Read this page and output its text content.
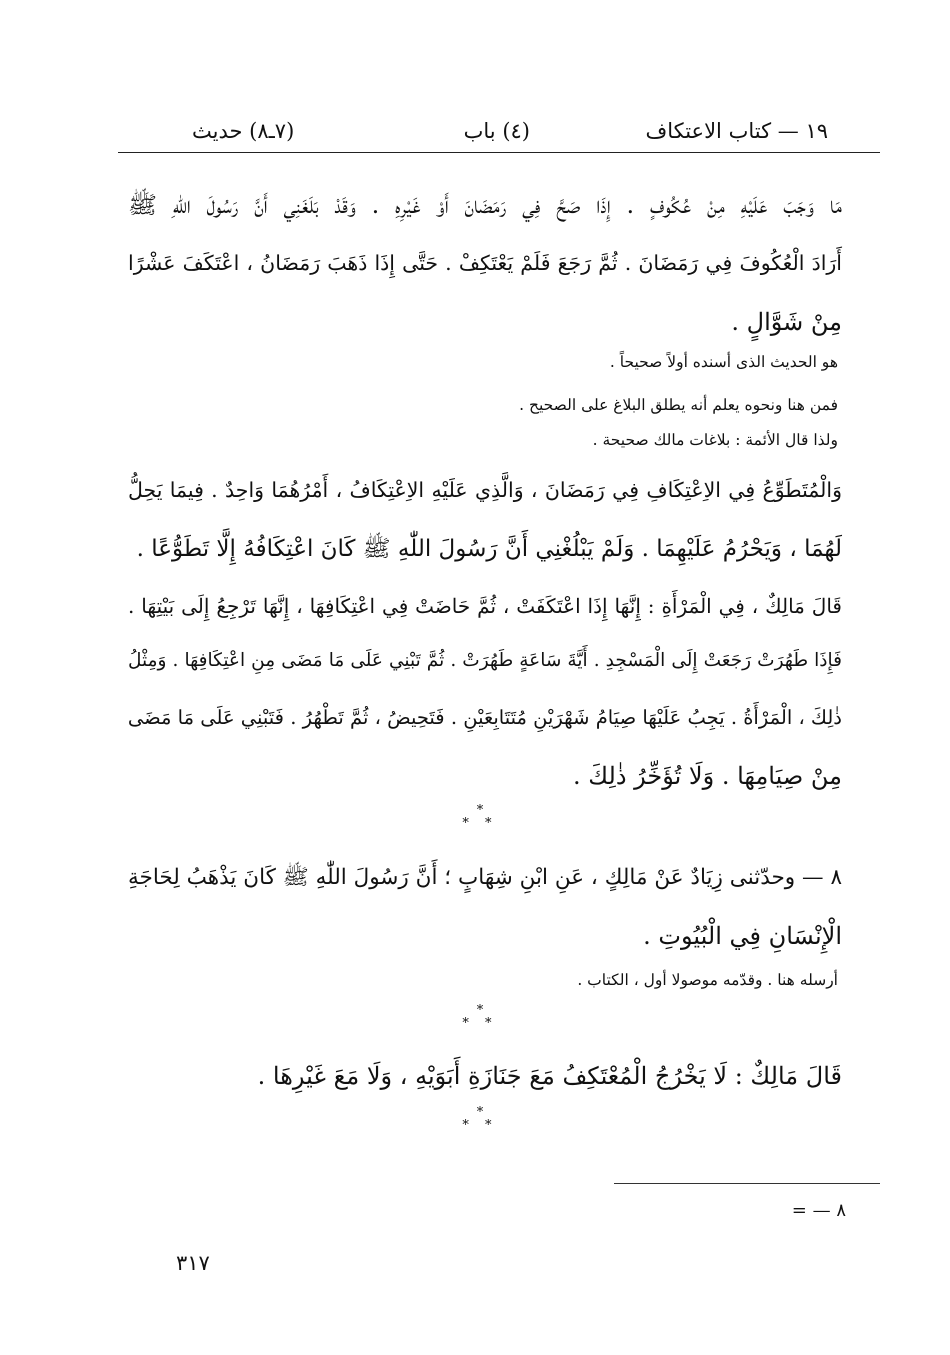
١٩ — كتاب الاعتكاف
(٤) باب
(٧ـ٨) حديث
مَا وَجَبَ عَلَيْهِ مِنْ عُكُوفٍ . إِذَا صَحَّ فِي رَمَضَانَ أَوْ غَيْرِهِ . وَقَدْ بَلَغَنِي أَنَّ رَسُولَ اللّٰهِ ﷺ
أَرَادَ الْعُكُوفَ فِي رَمَضَانَ . ثُمَّ رَجَعَ فَلَمْ يَعْتَكِفْ . حَتَّى إِذَا ذَهَبَ رَمَضَانُ ، اعْتَكَفَ عَشْرًا
مِنْ شَوَّالٍ .
هو الحديث الذى أسنده أولاً صحيحاً .
فمن هنا ونحوه يعلم أنه يطلق البلاغ على الصحيح .
ولذا قال الأئمة : بلاغات مالك صحيحة .
وَالْمُتَطَوِّعُ فِي الاِعْتِكَافِ فِي رَمَضَانَ ، وَالَّذِي عَلَيْهِ الاِعْتِكَافُ ، أَمْرُهُمَا وَاحِدٌ . فِيمَا يَحِلُّ
لَهُمَا ، وَيَحْرُمُ عَلَيْهِمَا . وَلَمْ يَبْلُغْنِي أَنَّ رَسُولَ اللّٰهِ ﷺ كَانَ اعْتِكَافُهُ إِلَّا تَطَوُّعًا .
قَالَ مَالِكٌ ، فِي الْمَرْأَةِ : إِنَّهَا إِذَا اعْتَكَفَتْ ، ثُمَّ حَاضَتْ فِي اعْتِكَافِهَا ، إِنَّهَا تَرْجِعُ إِلَى بَيْتِهَا .
فَإِذَا طَهُرَتْ رَجَعَتْ إِلَى الْمَسْجِدِ . أَيَّةَ سَاعَةٍ طَهُرَتْ . ثُمَّ تَبْنِي عَلَى مَا مَضَى مِنِ اعْتِكَافِهَا . وَمِثْلُ
ذٰلِكَ ، الْمَرْأَةُ . يَجِبُ عَلَيْهَا صِيَامُ شَهْرَيْنِ مُتَتَابِعَيْنِ . فَتَحِيضُ ، ثُمَّ تَطْهُرُ . فَتَبْنِي عَلَى مَا مَضَى
مِنْ صِيَامِهَا . وَلَا تُؤَخِّرُ ذٰلِكَ .
*
* *
٨ — وحدّثنى زِيَادٌ عَنْ مَالِكٍ ، عَنِ ابْنِ شِهَابٍ ؛ أَنَّ رَسُولَ اللّٰهِ ﷺ كَانَ يَذْهَبُ لِحَاجَةِ
الْإِنْسَانِ فِي الْبُيُوتِ .
أرسله هنا . وقدّمه موصولا أول ، الكتاب .
*
* *
قَالَ مَالِكٌ : لَا يَخْرُجُ الْمُعْتَكِفُ مَعَ جَنَازَةِ أَبَوَيْهِ ، وَلَا مَعَ غَيْرِهَا .
*
* *
٨ — =
٣١٧
